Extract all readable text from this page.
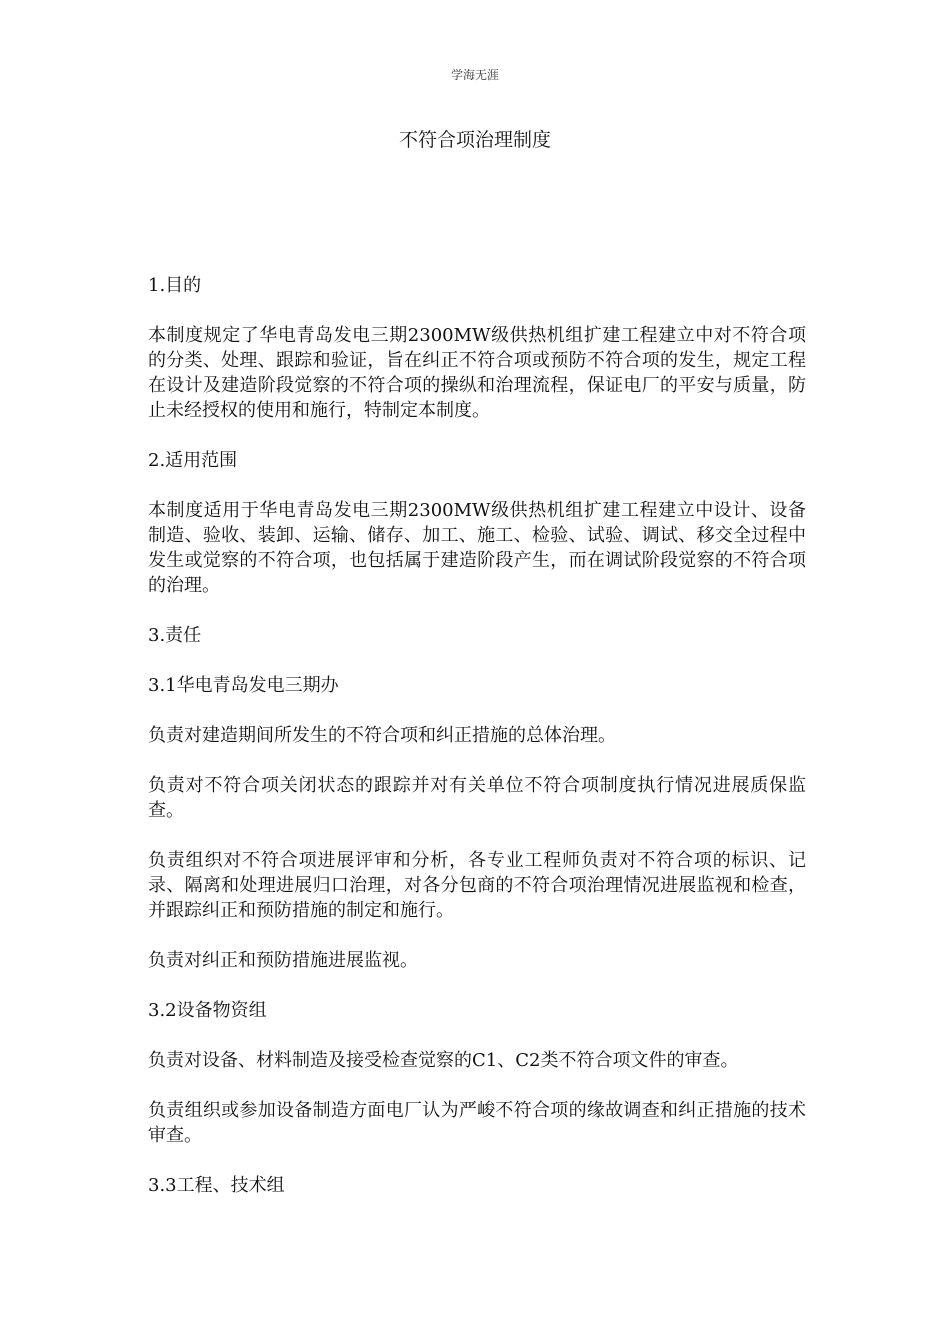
学海无涯
不符合项治理制度
1.目的
本制度规定了华电青岛发电三期2300MW级供热机组扩建工程建立中对不符合项的分类、处理、跟踪和验证，旨在纠正不符合项或预防不符合项的发生，规定工程在设计及建造阶段觉察的不符合项的操纵和治理流程，保证电厂的平安与质量，防止未经授权的使用和施行，特制定本制度。
2.适用范围
本制度适用于华电青岛发电三期2300MW级供热机组扩建工程建立中设计、设备制造、验收、装卸、运输、储存、加工、施工、检验、试验、调试、移交全过程中发生或觉察的不符合项，也包括属于建造阶段产生，而在调试阶段觉察的不符合项的治理。
3.责任
3.1华电青岛发电三期办
负责对建造期间所发生的不符合项和纠正措施的总体治理。
负责对不符合项关闭状态的跟踪并对有关单位不符合项制度执行情况进展质保监查。
负责组织对不符合项进展评审和分析，各专业工程师负责对不符合项的标识、记录、隔离和处理进展归口治理，对各分包商的不符合项治理情况进展监视和检查，并跟踪纠正和预防措施的制定和施行。
负责对纠正和预防措施进展监视。
3.2设备物资组
负责对设备、材料制造及接受检查觉察的C1、C2类不符合项文件的审查。
负责组织或参加设备制造方面电厂认为严峻不符合项的缘故调查和纠正措施的技术审查。
3.3工程、技术组
